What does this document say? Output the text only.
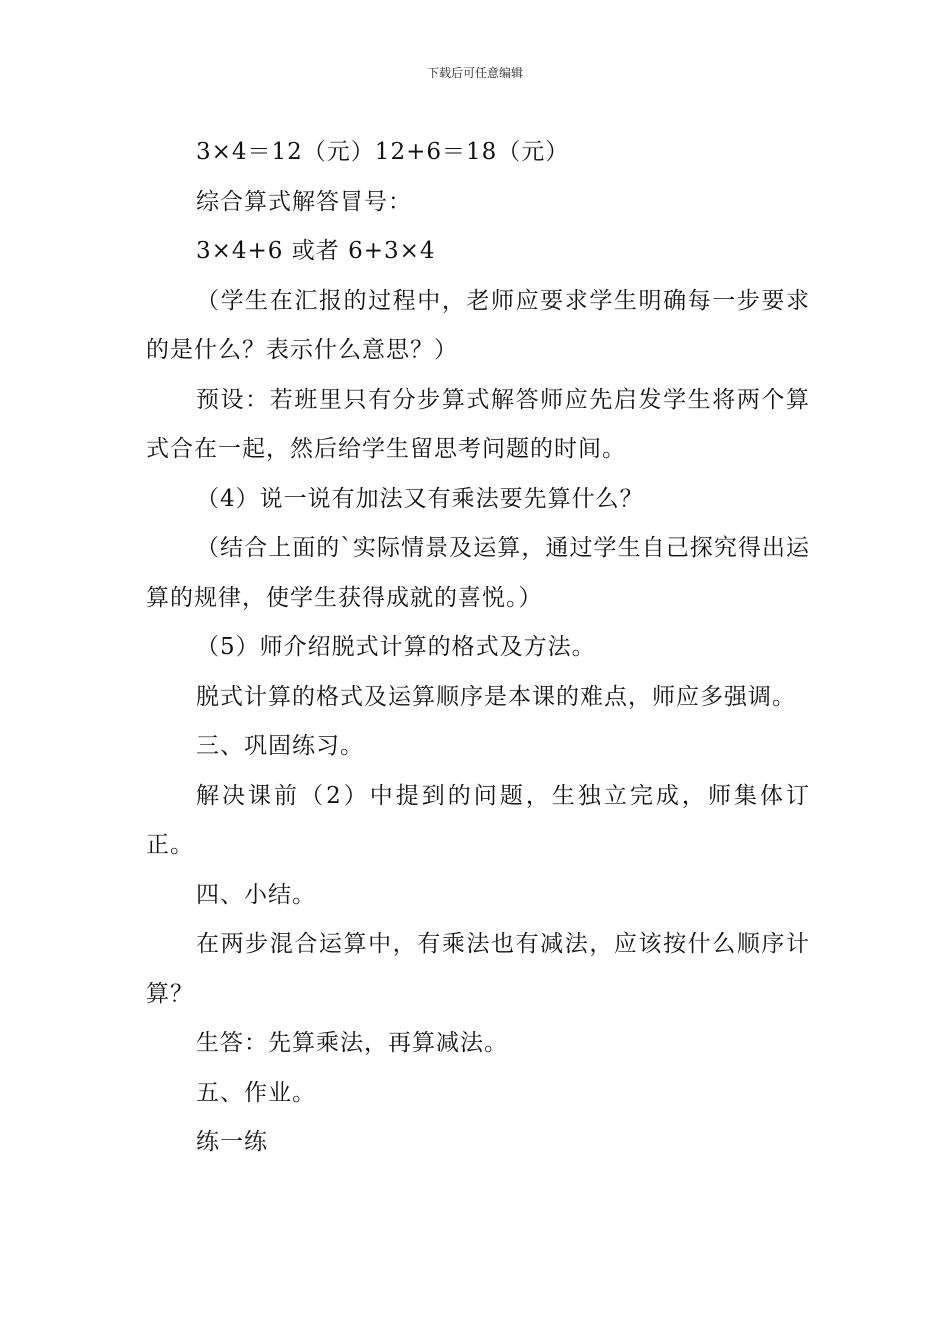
下载后可任意编辑

3×4＝12（元）12+6＝18（元）

综合算式解答冒号：

3×4+6 或者 6+3×4

（学生在汇报的过程中，老师应要求学生明确每一步要求的是什么？表示什么意思？）

预设：若班里只有分步算式解答师应先启发学生将两个算式合在一起，然后给学生留思考问题的时间。

（4）说一说有加法又有乘法要先算什么？

（结合上面的`实际情景及运算，通过学生自己探究得出运算的规律，使学生获得成就的喜悦。）

（5）师介绍脱式计算的格式及方法。

脱式计算的格式及运算顺序是本课的难点，师应多强调。

三、巩固练习。

解决课前（2）中提到的问题，生独立完成，师集体订正。

四、小结。

在两步混合运算中，有乘法也有减法，应该按什么顺序计算？

生答：先算乘法，再算减法。

五、作业。

练一练
